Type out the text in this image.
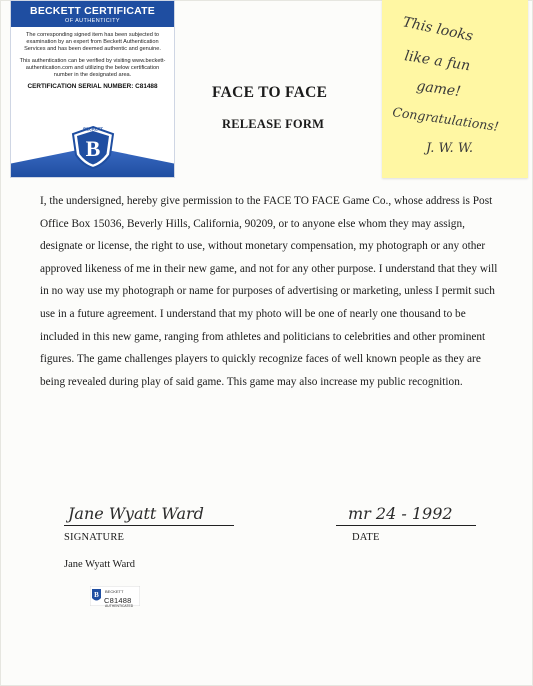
BECKETT CERTIFICATE
OF AUTHENTICITY

The corresponding signed item has been subjected to examination by an expert from Beckett Authentication Services and has been deemed authentic and genuine.

This authentication can be verified by visiting www.beckett-authentication.com and utilizing the below certification number in the designated area.

CERTIFICATION SERIAL NUMBER: C81488
B
BECKETT
This looks
like a fun
game!
Congratulations!
J. W. W.
FACE TO FACE
RELEASE FORM

I, the undersigned, hereby give permission to the FACE TO FACE Game Co., whose address is Post Office Box 15036, Beverly Hills, California, 90209, or to anyone else whom they may assign, designate or license, the right to use, without monetary compensation, my photograph or any other approved likeness of me in their new game, and not for any other purpose. I understand that they will in no way use my photograph or name for purposes of advertising or marketing, unless I permit such use in a future agreement. I understand that my photo will be one of nearly one thousand to be included in this new game, ranging from athletes and politicians to celebrities and other prominent figures. The game challenges players to quickly recognize faces of well known people as they are being revealed during play of said game. This game may also increase my public recognition.

Jane Wyatt Ward
SIGNATURE
mr 24 - 1992
DATE
Jane Wyatt Ward
B BECKETT
C81488
AUTHENTICATED
